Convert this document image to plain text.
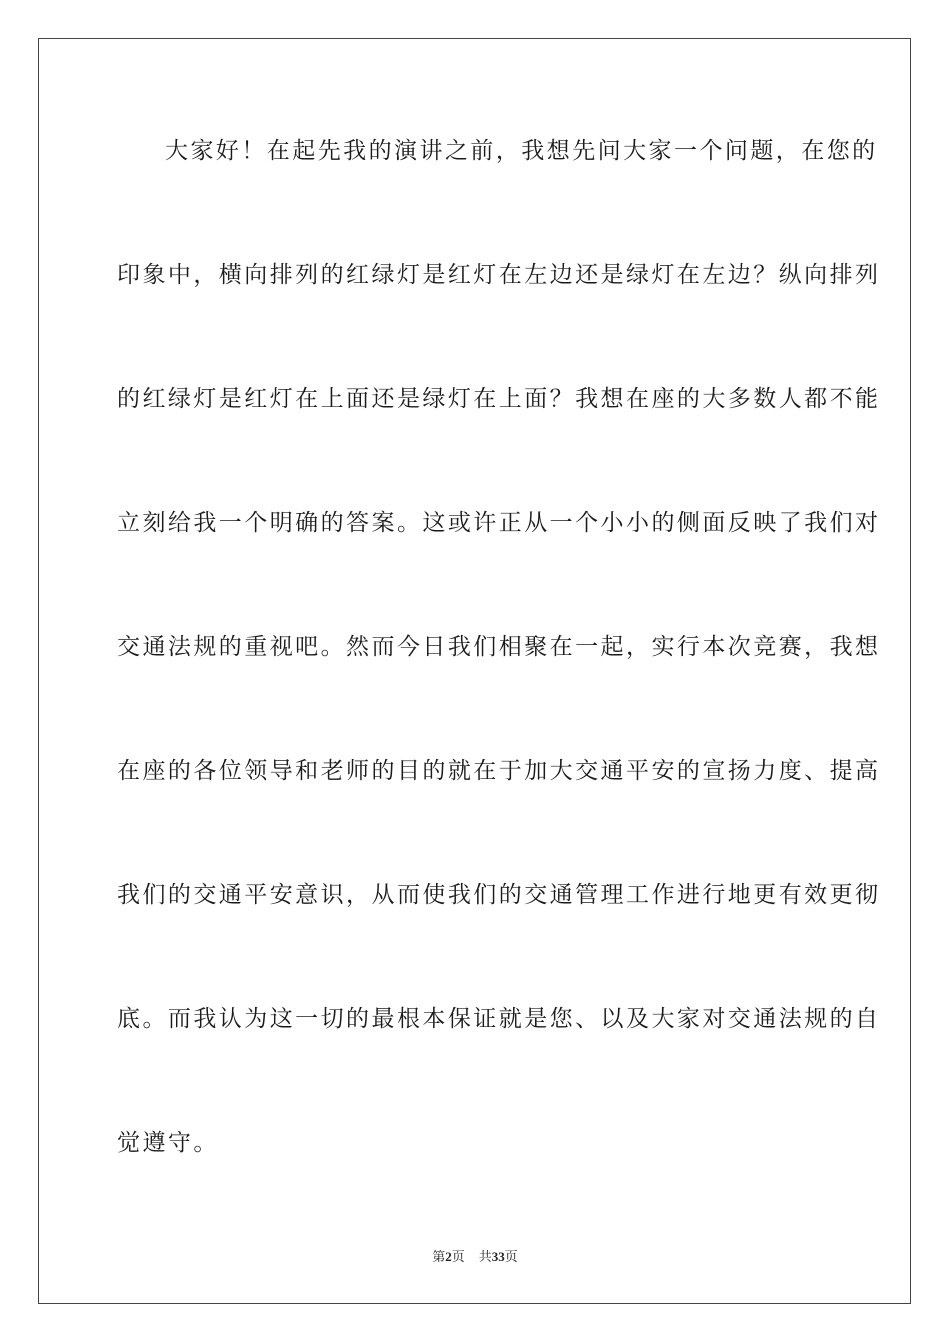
大家好！在起先我的演讲之前，我想先问大家一个问题，在您的
印象中，横向排列的红绿灯是红灯在左边还是绿灯在左边？纵向排列
的红绿灯是红灯在上面还是绿灯在上面？我想在座的大多数人都不能
立刻给我一个明确的答案。这或许正从一个小小的侧面反映了我们对
交通法规的重视吧。然而今日我们相聚在一起，实行本次竞赛，我想
在座的各位领导和老师的目的就在于加大交通平安的宣扬力度、提高
我们的交通平安意识，从而使我们的交通管理工作进行地更有效更彻
底。而我认为这一切的最根本保证就是您、以及大家对交通法规的自
觉遵守。
第2页 共33页
